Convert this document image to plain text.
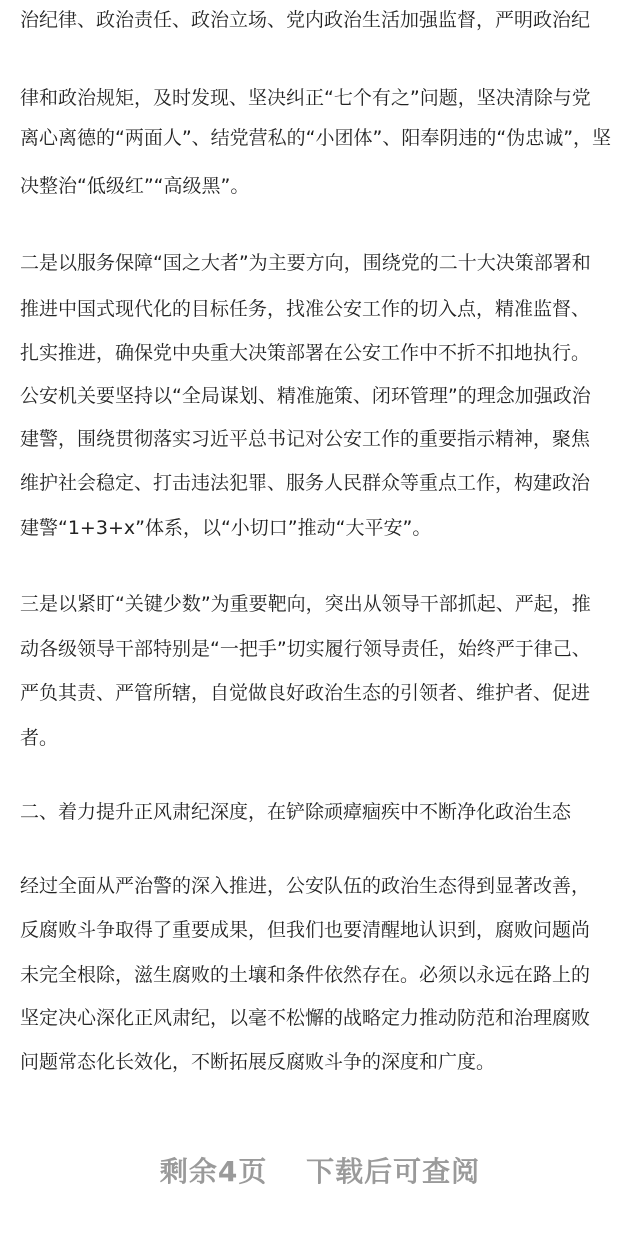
治纪律、政治责任、政治立场、党内政治生活加强监督，严明政治纪
律和政治规矩，及时发现、坚决纠正“七个有之”问题，坚决清除与党
离心离德的“两面人”、结党营私的“小团体”、阳奉阴违的“伪忠诚”，坚
决整治“低级红”“高级黑”。
二是以服务保障“国之大者”为主要方向，围绕党的二十大决策部署和
推进中国式现代化的目标任务，找准公安工作的切入点，精准监督、
扎实推进，确保党中央重大决策部署在公安工作中不折不扣地执行。
公安机关要坚持以“全局谋划、精准施策、闭环管理”的理念加强政治
建警，围绕贯彻落实习近平总书记对公安工作的重要指示精神，聚焦
维护社会稳定、打击违法犯罪、服务人民群众等重点工作，构建政治
建警“1+3+x”体系，以“小切口”推动“大平安”。
三是以紧盯“关键少数”为重要靶向，突出从领导干部抓起、严起，推
动各级领导干部特别是“一把手”切实履行领导责任，始终严于律己、
严负其责、严管所辖，自觉做良好政治生态的引领者、维护者、促进
者。
二、着力提升正风肃纪深度，在铲除顽瘴痼疾中不断净化政治生态
经过全面从严治警的深入推进，公安队伍的政治生态得到显著改善，
反腐败斗争取得了重要成果，但我们也要清醒地认识到，腐败问题尚
未完全根除，滋生腐败的土壤和条件依然存在。必须以永远在路上的
坚定决心深化正风肃纪，以毫不松懈的战略定力推动防范和治理腐败
问题常态化长效化，不断拓展反腐败斗争的深度和广度。
剩余4页 下载后可查阅
